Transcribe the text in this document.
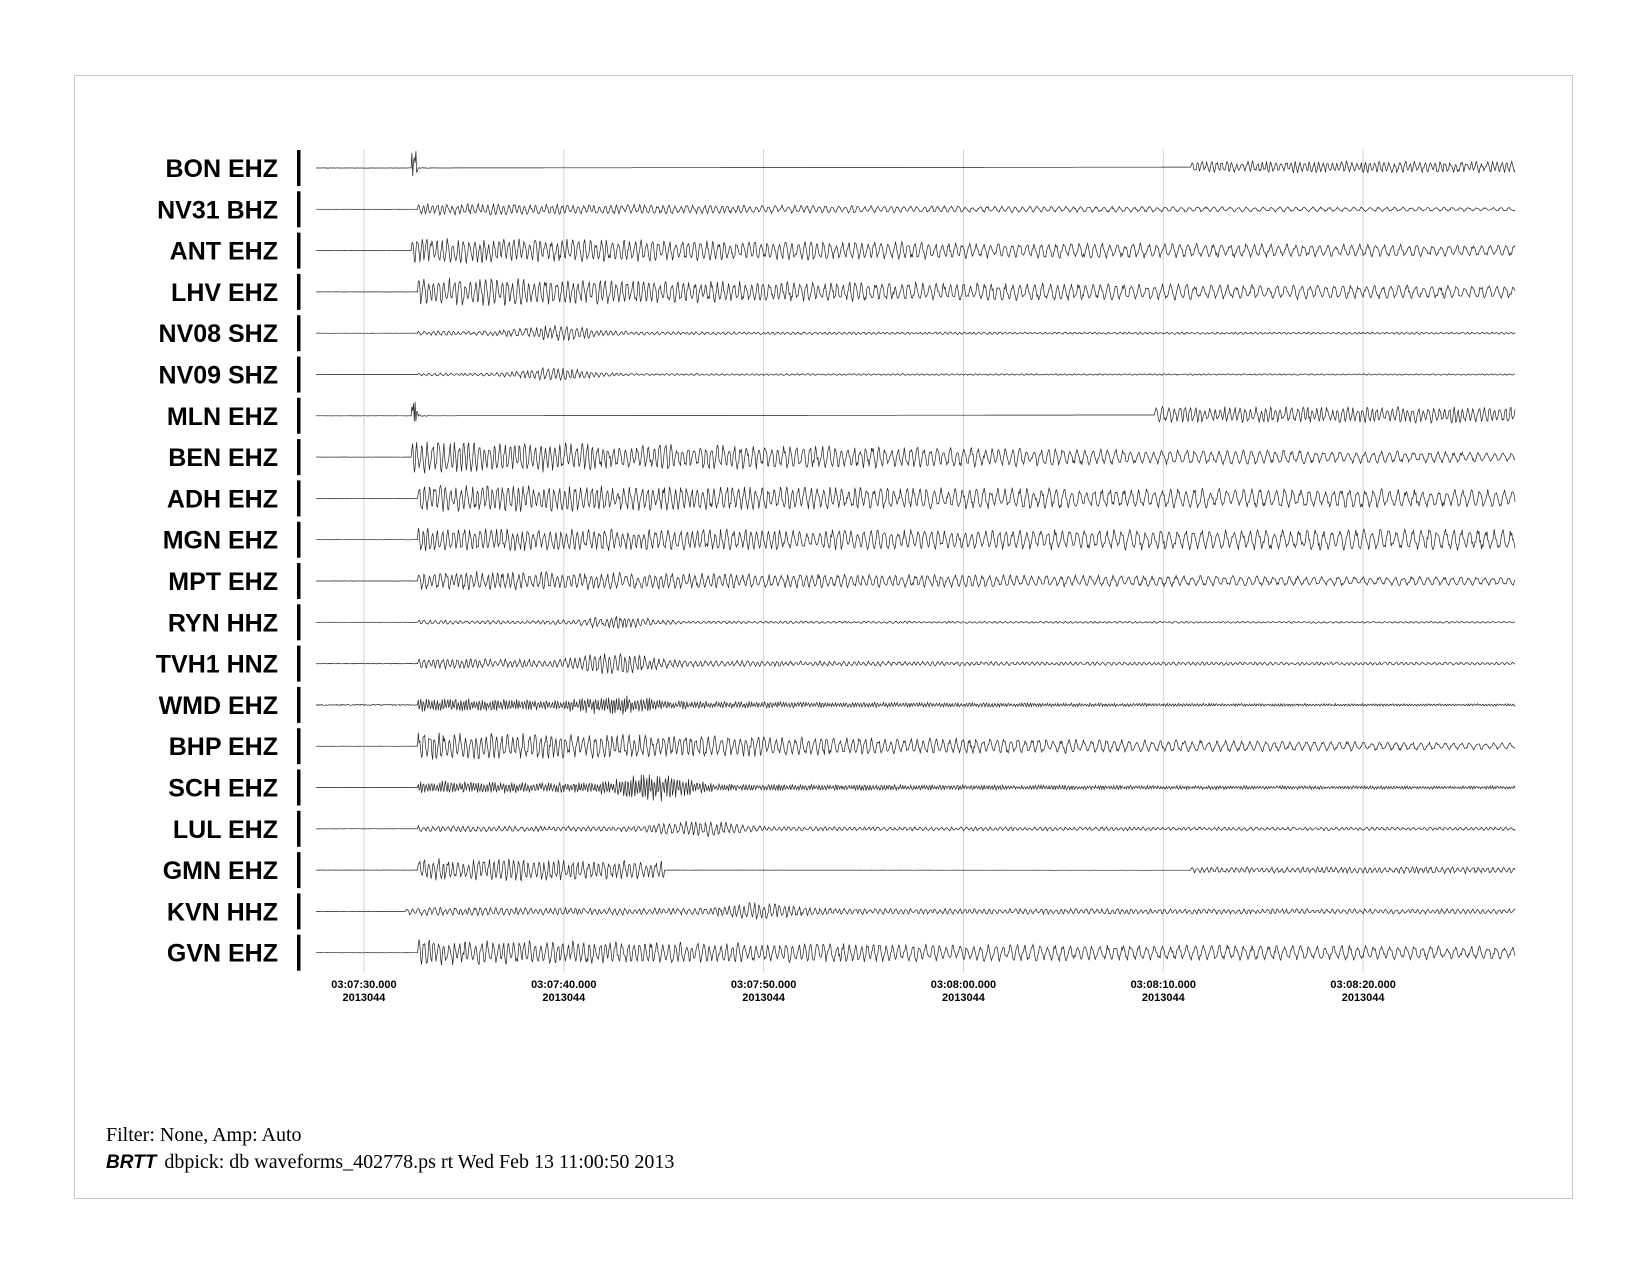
BON EHZ
NV31 BHZ
ANT EHZ
LHV EHZ
NV08 SHZ
NV09 SHZ
MLN EHZ
BEN EHZ
ADH EHZ
MGN EHZ
MPT EHZ
RYN HHZ
TVH1 HNZ
WMD EHZ
BHP EHZ
SCH EHZ
LUL EHZ
GMN EHZ
KVN HHZ
GVN EHZ
03:07:30.000
2013044
03:07:40.000
2013044
03:07:50.000
2013044
03:08:00.000
2013044
03:08:10.000
2013044
03:08:20.000
2013044
Filter: None, Amp: Auto
BRTT dbpick: db waveforms_402778.ps rt Wed Feb 13 11:00:50 2013
